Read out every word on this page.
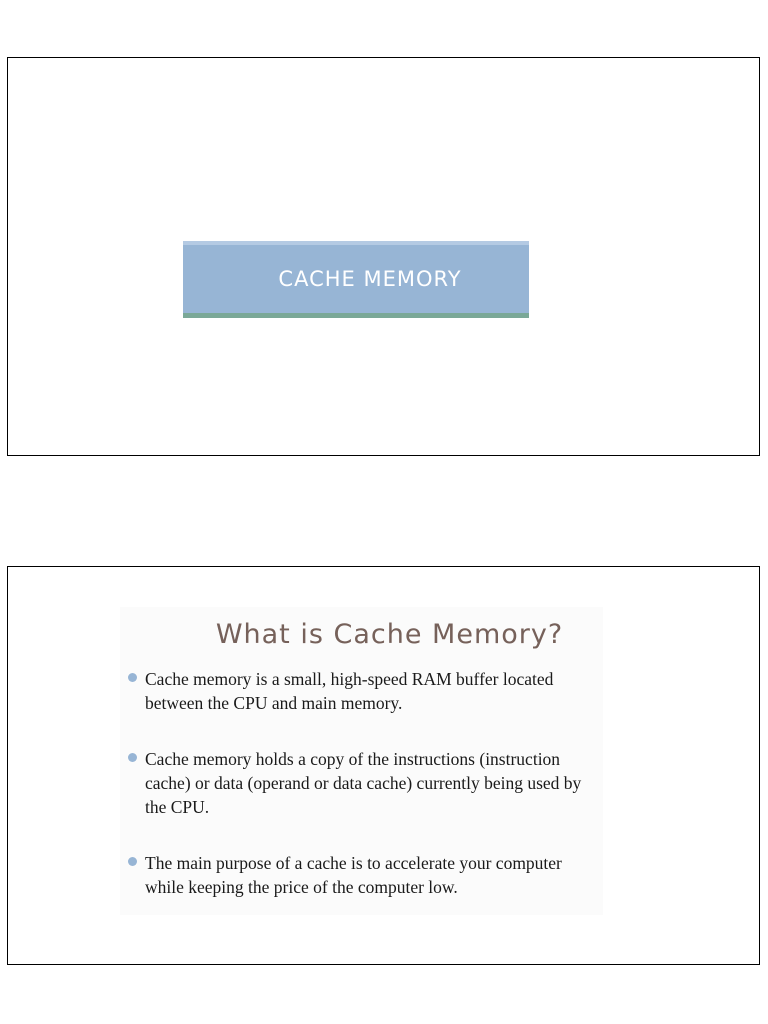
CACHE MEMORY
What is Cache Memory?
Cache memory is a small, high-speed RAM buffer located between the CPU and main memory.
Cache memory holds a copy of the instructions (instruction cache) or data (operand or data cache) currently being used by the CPU.
The main purpose of a cache is to accelerate your computer while keeping the price of the computer low.
